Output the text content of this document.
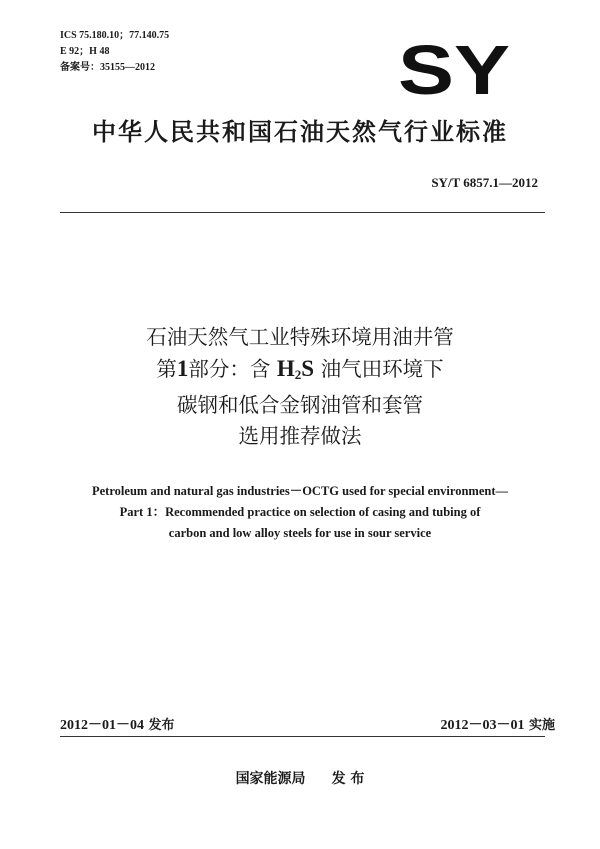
ICS 75.180.10；77.140.75
E 92；H 48
备案号：35155—2012	SY
中华人民共和国石油天然气行业标准
SY/T 6857.1—2012
石油天然气工业特殊环境用油井管
第1部分：含 $H_2S$ 油气田环境下
碳钢和低合金钢油管和套管
选用推荐做法
Petroleum and natural gas industries－OCTG used for special environment—
Part 1：Recommended practice on selection of casing and tubing of
carbon and low alloy steels for use in sour service
2012－01－04 发布	2012－03－01 实施
国家能源局 发 布
